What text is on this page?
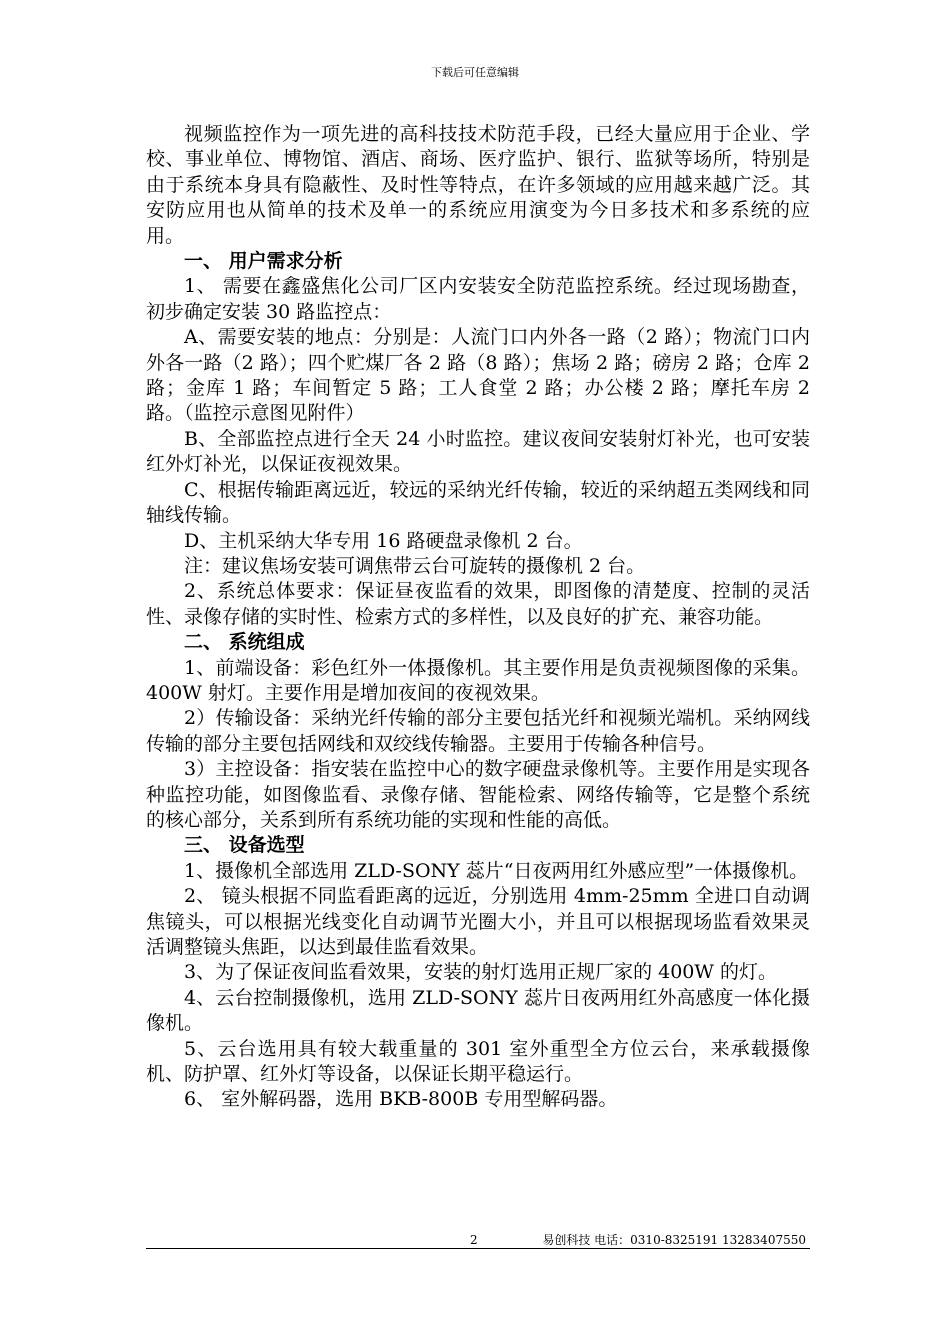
下载后可任意编辑

视频监控作为一项先进的高科技技术防范手段，已经大量应用于企业、学校、事业单位、博物馆、酒店、商场、医疗监护、银行、监狱等场所，特别是由于系统本身具有隐蔽性、及时性等特点，在许多领域的应用越来越广泛。其安防应用也从简单的技术及单一的系统应用演变为今日多技术和多系统的应用。

一、 用户需求分析

1、 需要在鑫盛焦化公司厂区内安装安全防范监控系统。经过现场勘查，初步确定安装 30 路监控点：

A、需要安装的地点：分别是：人流门口内外各一路（2 路）；物流门口内外各一路（2 路）；四个贮煤厂各 2 路（8 路）；焦场 2 路；磅房 2 路；仓库 2 路；金库 1 路；车间暂定 5 路；工人食堂 2 路；办公楼 2 路；摩托车房 2 路。（监控示意图见附件）

B、全部监控点进行全天 24 小时监控。建议夜间安装射灯补光，也可安装红外灯补光，以保证夜视效果。

C、根据传输距离远近，较远的采纳光纤传输，较近的采纳超五类网线和同轴线传输。

D、主机采纳大华专用 16 路硬盘录像机 2 台。

注：建议焦场安装可调焦带云台可旋转的摄像机 2 台。

2、系统总体要求：保证昼夜监看的效果，即图像的清楚度、控制的灵活性、录像存储的实时性、检索方式的多样性，以及良好的扩充、兼容功能。

二、 系统组成

1、前端设备：彩色红外一体摄像机。其主要作用是负责视频图像的采集。400W 射灯。主要作用是增加夜间的夜视效果。

2）传输设备：采纳光纤传输的部分主要包括光纤和视频光端机。采纳网线传输的部分主要包括网线和双绞线传输器。主要用于传输各种信号。

3）主控设备：指安装在监控中心的数字硬盘录像机等。主要作用是实现各种监控功能，如图像监看、录像存储、智能检索、网络传输等，它是整个系统的核心部分，关系到所有系统功能的实现和性能的高低。

三、 设备选型

1、摄像机全部选用 ZLD-SONY 蕊片“日夜两用红外感应型”一体摄像机。

2、 镜头根据不同监看距离的远近，分别选用 4mm-25mm 全进口自动调焦镜头，可以根据光线变化自动调节光圈大小，并且可以根据现场监看效果灵活调整镜头焦距，以达到最佳监看效果。

3、为了保证夜间监看效果，安装的射灯选用正规厂家的 400W 的灯。

4、云台控制摄像机，选用 ZLD-SONY 蕊片日夜两用红外高感度一体化摄像机。

5、云台选用具有较大载重量的 301 室外重型全方位云台，来承载摄像机、防护罩、红外灯等设备，以保证长期平稳运行。

6、 室外解码器，选用 BKB-800B 专用型解码器。

2	易创科技 电话：0310-8325191 13283407550
